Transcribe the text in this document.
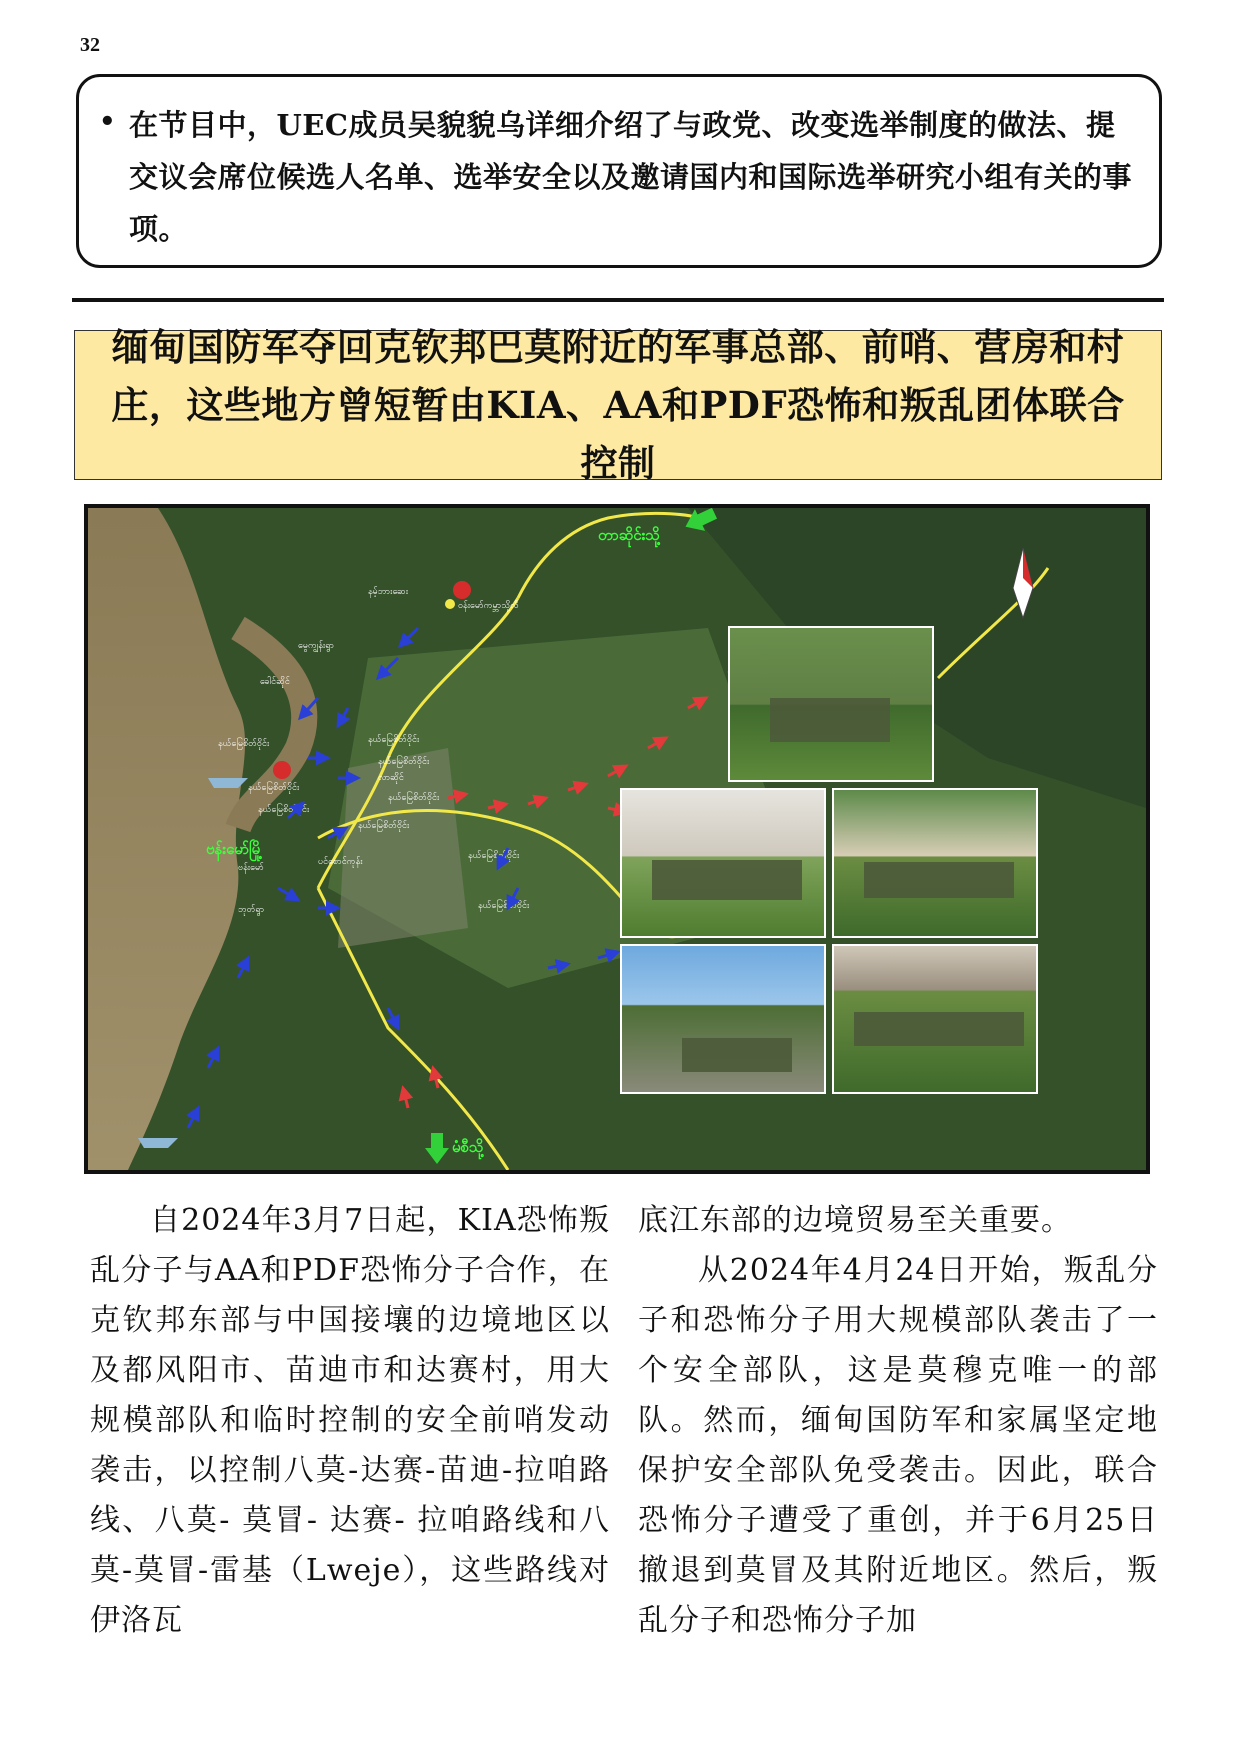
32
• 在节目中，UEC成员吴貌貌乌详细介绍了与政党、改变选举制度的做法、提交议会席位候选人名单、选举安全以及邀请国内和国际选举研究小组有关的事项。
缅甸国防军夺回克钦邦巴莫附近的军事总部、前哨、营房和村庄，这些地方曾短暂由KIA、AA和PDF恐怖和叛乱团体联合控制
တာဆိုင်းသို့
မံစီသို့
ဗန်းမော်မြို့
ဝန်းမော်ကမ္ဘာသို့လီ
နမ့်ဘားဆေး
မွေကျွန်းရွာ
ခေါင်ဆိုင်
နယ်မြေစိတ်ဝိုင်း	နယ်မြေစိတ်ဝိုင်း
နယ်မြေစိတ်ဝိုင်း
လာဆိုင်
နယ်မြေစိတ်ဝိုင်း
နယ်မြေစိတ်ဝိုင်း
နယ်မြေစိတ်ဝိုင်း
နယ်မြေစိတ်ဝိုင်း
ပင်စောင်ကုန်း
ဗန်းမော်
ဘုတ်ရွာ
နယ်မြေစိတ်ဝိုင်း
နယ်မြေစိတ်ဝိုင်း

自2024年3月7日起，KIA恐怖叛乱分子与AA和PDF恐怖分子合作，在克钦邦东部与中国接壤的边境地区以及都风阳市、苗迪市和达赛村，用大规模部队和临时控制的安全前哨发动袭击，以控制八莫-达赛-苗迪-拉咱路线、八莫- 莫冒- 达赛- 拉咱路线和八莫-莫冒-雷基（Lweje），这些路线对伊洛瓦

底江东部的边境贸易至关重要。

从2024年4月24日开始，叛乱分子和恐怖分子用大规模部队袭击了一个安全部队，这是莫穆克唯一的部队。然而，缅甸国防军和家属坚定地保护安全部队免受袭击。因此，联合恐怖分子遭受了重创，并于6月25日撤退到莫冒及其附近地区。然后，叛乱分子和恐怖分子加
